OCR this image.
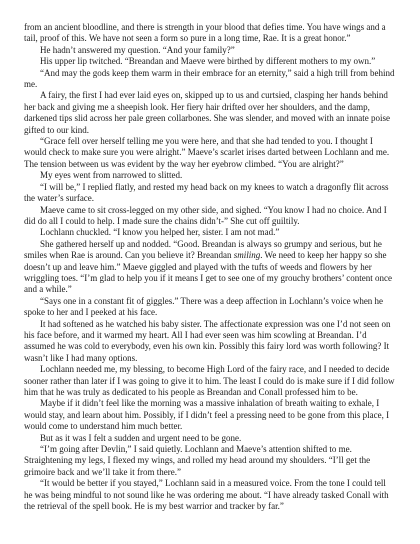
from an ancient bloodline, and there is strength in your blood that defies time. You have wings and a tail, proof of this. We have not seen a form so pure in a long time, Rae. It is a great honor.”

He hadn’t answered my question. “And your family?”

His upper lip twitched. “Breandan and Maeve were birthed by different mothers to my own.”

“And may the gods keep them warm in their embrace for an eternity,” said a high trill from behind me.

A fairy, the first I had ever laid eyes on, skipped up to us and curtsied, clasping her hands behind her back and giving me a sheepish look. Her fiery hair drifted over her shoulders, and the damp, darkened tips slid across her pale green collarbones. She was slender, and moved with an innate poise gifted to our kind.

“Grace fell over herself telling me you were here, and that she had tended to you. I thought I would check to make sure you were alright.” Maeve’s scarlet irises darted between Lochlann and me. The tension between us was evident by the way her eyebrow climbed. “You are alright?”

My eyes went from narrowed to slitted.

“I will be,” I replied flatly, and rested my head back on my knees to watch a dragonfly flit across the water’s surface.

Maeve came to sit cross-legged on my other side, and sighed. “You know I had no choice. And I did do all I could to help. I made sure the chains didn’t-” She cut off guiltily.

Lochlann chuckled. “I know you helped her, sister. I am not mad.”

She gathered herself up and nodded. “Good. Breandan is always so grumpy and serious, but he smiles when Rae is around. Can you believe it? Breandan smiling. We need to keep her happy so she doesn’t up and leave him.” Maeve giggled and played with the tufts of weeds and flowers by her wriggling toes. “I’m glad to help you if it means I get to see one of my grouchy brothers’ content once and a while.”

“Says one in a constant fit of giggles.” There was a deep affection in Lochlann’s voice when he spoke to her and I peeked at his face.

It had softened as he watched his baby sister. The affectionate expression was one I’d not seen on his face before, and it warmed my heart. All I had ever seen was him scowling at Breandan. I’d assumed he was cold to everybody, even his own kin. Possibly this fairy lord was worth following? It wasn’t like I had many options.

Lochlann needed me, my blessing, to become High Lord of the fairy race, and I needed to decide sooner rather than later if I was going to give it to him. The least I could do is make sure if I did follow him that he was truly as dedicated to his people as Breandan and Conall professed him to be.

Maybe if it didn’t feel like the morning was a massive inhalation of breath waiting to exhale, I would stay, and learn about him. Possibly, if I didn’t feel a pressing need to be gone from this place, I would come to understand him much better.

But as it was I felt a sudden and urgent need to be gone.

“I’m going after Devlin,” I said quietly. Lochlann and Maeve’s attention shifted to me. Straightening my legs, I flexed my wings, and rolled my head around my shoulders. “I’ll get the grimoire back and we’ll take it from there.”

“It would be better if you stayed,” Lochlann said in a measured voice. From the tone I could tell he was being mindful to not sound like he was ordering me about. “I have already tasked Conall with the retrieval of the spell book. He is my best warrior and tracker by far.”
